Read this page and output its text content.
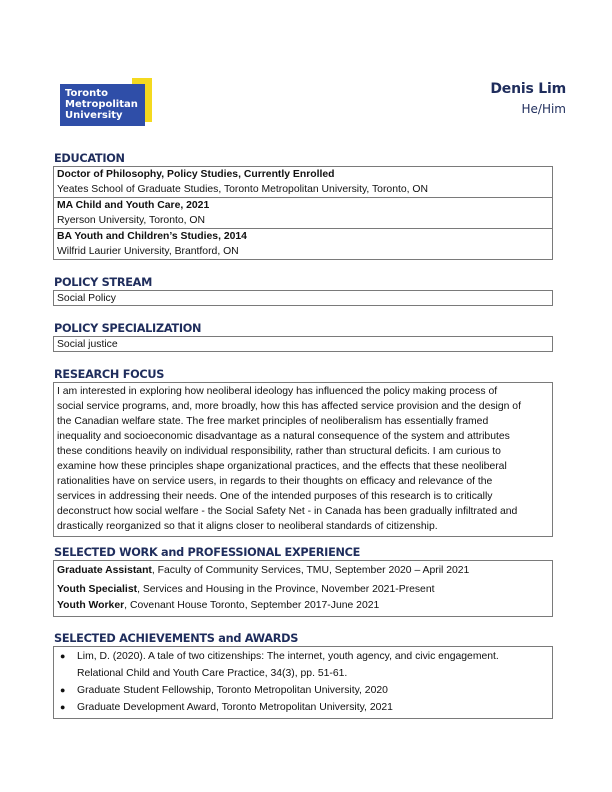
Toronto
Metropolitan
University
Denis Lim
He/Him
EDUCATION
Doctor of Philosophy, Policy Studies, Currently Enrolled
Yeates School of Graduate Studies, Toronto Metropolitan University, Toronto, ON
MA Child and Youth Care, 2021
Ryerson University, Toronto, ON
BA Youth and Children’s Studies, 2014
Wilfrid Laurier University, Brantford, ON
POLICY STREAM
Social Policy
POLICY SPECIALIZATION
Social justice
RESEARCH FOCUS
I am interested in exploring how neoliberal ideology has influenced the policy making process of
social service programs, and, more broadly, how this has affected service provision and the design of
the Canadian welfare state. The free market principles of neoliberalism has essentially framed
inequality and socioeconomic disadvantage as a natural consequence of the system and attributes
these conditions heavily on individual responsibility, rather than structural deficits. I am curious to
examine how these principles shape organizational practices, and the effects that these neoliberal
rationalities have on service users, in regards to their thoughts on efficacy and relevance of the
services in addressing their needs. One of the intended purposes of this research is to critically
deconstruct how social welfare - the Social Safety Net - in Canada has been gradually infiltrated and
drastically reorganized so that it aligns closer to neoliberal standards of citizenship.
SELECTED WORK and PROFESSIONAL EXPERIENCE
Graduate Assistant, Faculty of Community Services, TMU, September 2020 – April 2021
Youth Specialist, Services and Housing in the Province, November 2021-Present
Youth Worker, Covenant House Toronto, September 2017-June 2021
SELECTED ACHIEVEMENTS and AWARDS
●	Lim, D. (2020). A tale of two citizenships: The internet, youth agency, and civic engagement.
Relational Child and Youth Care Practice, 34(3), pp. 51-61.
●	Graduate Student Fellowship, Toronto Metropolitan University, 2020
●	Graduate Development Award, Toronto Metropolitan University, 2021
